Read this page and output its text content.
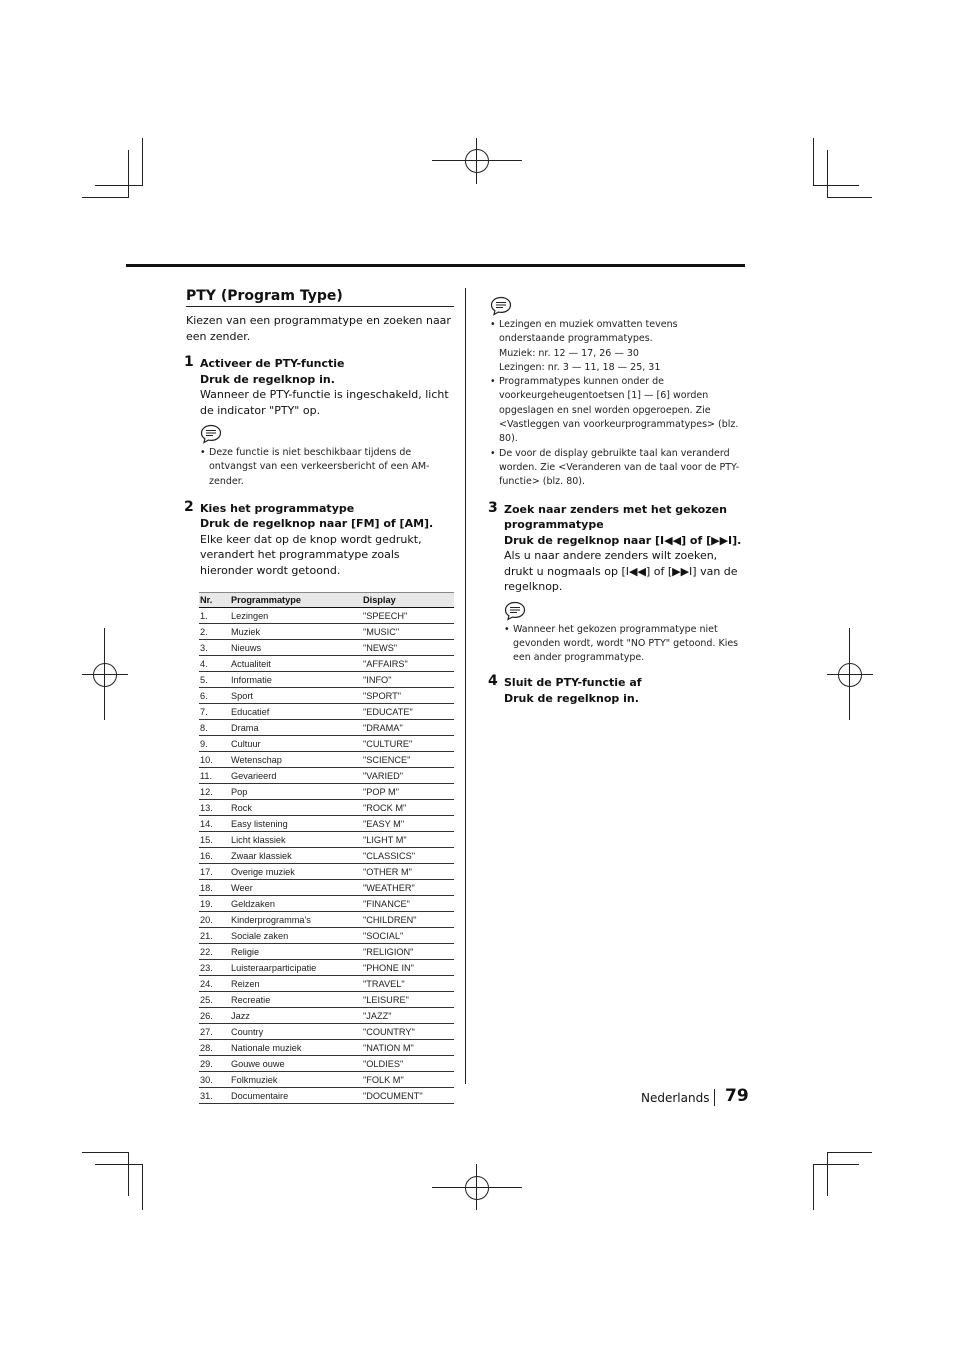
PTY (Program Type)
Kiezen van een programmatype en zoeken naar een zender.
1 Activeer de PTY-functie
Druk de regelknop in.
Wanneer de PTY-functie is ingeschakeld, licht de indicator "PTY" op.
• Deze functie is niet beschikbaar tijdens de ontvangst van een verkeersbericht of een AM-zender.
2 Kies het programmatype
Druk de regelknop naar [FM] of [AM].
Elke keer dat op de knop wordt gedrukt, verandert het programmatype zoals hieronder wordt getoond.
Nr.	Programmatype	Display
1.	Lezingen	"SPEECH"
2.	Muziek	"MUSIC"
3.	Nieuws	"NEWS"
4.	Actualiteit	"AFFAIRS"
5.	Informatie	"INFO"
6.	Sport	"SPORT"
7.	Educatief	"EDUCATE"
8.	Drama	"DRAMA"
9.	Cultuur	"CULTURE"
10.	Wetenschap	"SCIENCE"
11.	Gevarieerd	"VARIED"
12.	Pop	"POP M"
13.	Rock	"ROCK M"
14.	Easy listening	"EASY M"
15.	Licht klassiek	"LIGHT M"
16.	Zwaar klassiek	"CLASSICS"
17.	Overige muziek	"OTHER M"
18.	Weer	"WEATHER"
19.	Geldzaken	"FINANCE"
20.	Kinderprogramma's	"CHILDREN"
21.	Sociale zaken	"SOCIAL"
22.	Religie	"RELIGION"
23.	Luisteraarparticipatie	"PHONE IN"
24.	Reizen	"TRAVEL"
25.	Recreatie	"LEISURE"
26.	Jazz	"JAZZ"
27.	Country	"COUNTRY"
28.	Nationale muziek	"NATION M"
29.	Gouwe ouwe	"OLDIES"
30.	Folkmuziek	"FOLK M"
31.	Documentaire	"DOCUMENT"
• Lezingen en muziek omvatten tevens onderstaande programmatypes.
Muziek: nr. 12 — 17, 26 — 30
Lezingen: nr. 3 — 11, 18 — 25, 31
• Programmatypes kunnen onder de voorkeurgeheugentoetsen [1] — [6] worden opgeslagen en snel worden opgeroepen. Zie <Vastleggen van voorkeurprogrammatypes> (blz. 80).
• De voor de display gebruikte taal kan veranderd worden. Zie <Veranderen van de taal voor de PTY-functie> (blz. 80).
3 Zoek naar zenders met het gekozen programmatype
Druk de regelknop naar [I◀◀] of [▶▶I].
Als u naar andere zenders wilt zoeken, drukt u nogmaals op [I◀◀] of [▶▶I] van de regelknop.
• Wanneer het gekozen programmatype niet gevonden wordt, wordt "NO PTY" getoond. Kies een ander programmatype.
4 Sluit de PTY-functie af
Druk de regelknop in.
Nederlands 79
